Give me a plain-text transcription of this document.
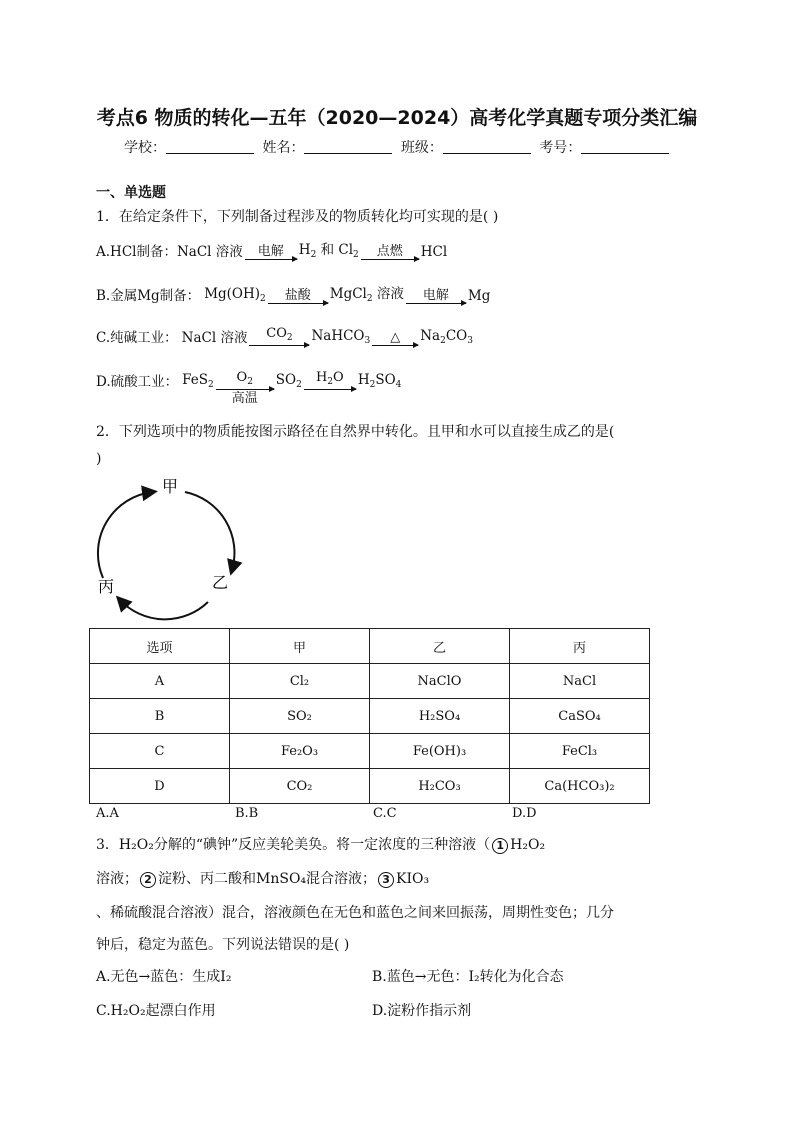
考点6 物质的转化—五年（2020—2024）高考化学真题专项分类汇编
学校：	姓名：	班级：	考号：
一、单选题
1．在给定条件下，下列制备过程涉及的物质转化均可实现的是( )
A.HCl制备： NaCl 溶液 电解 $H_2$ 和 $Cl_2$ 点燃 HCl
B.金属Mg制备： $Mg(OH)_2$ 盐酸 MgCl$_2$ 溶液 电解 Mg
C.纯碱工业： NaCl 溶液 $CO_2$ NaHCO$_3$ △ $Na_2CO_3$
D.硫酸工业： FeS$_2$ $O_2$
高温
$SO_2$ $H_2O$ $H_2SO_4$
2．下列选项中的物质能按图示路径在自然界中转化。且甲和水可以直接生成乙的是(
)
甲
乙
丙
选项	甲	乙	丙
A	Cl₂	NaClO	NaCl
B	SO₂	H₂SO₄	CaSO₄
C	Fe₂O₃	Fe(OH)₃	FeCl₃
D	CO₂	H₂CO₃	Ca(HCO₃)₂
A.A	B.B	C.C	D.D
3．H₂O₂分解的“碘钟”反应美轮美奂。将一定浓度的三种溶液（ 1 H₂O₂
溶液； 2 淀粉、丙二酸和MnSO₄混合溶液； 3 KIO₃
、稀硫酸混合溶液）混合，溶液颜色在无色和蓝色之间来回振荡，周期性变色；几分
钟后，稳定为蓝色。下列说法错误的是( )
A.无色→蓝色：生成I₂	B.蓝色→无色：I₂转化为化合态
C.H₂O₂起漂白作用	D.淀粉作指示剂
